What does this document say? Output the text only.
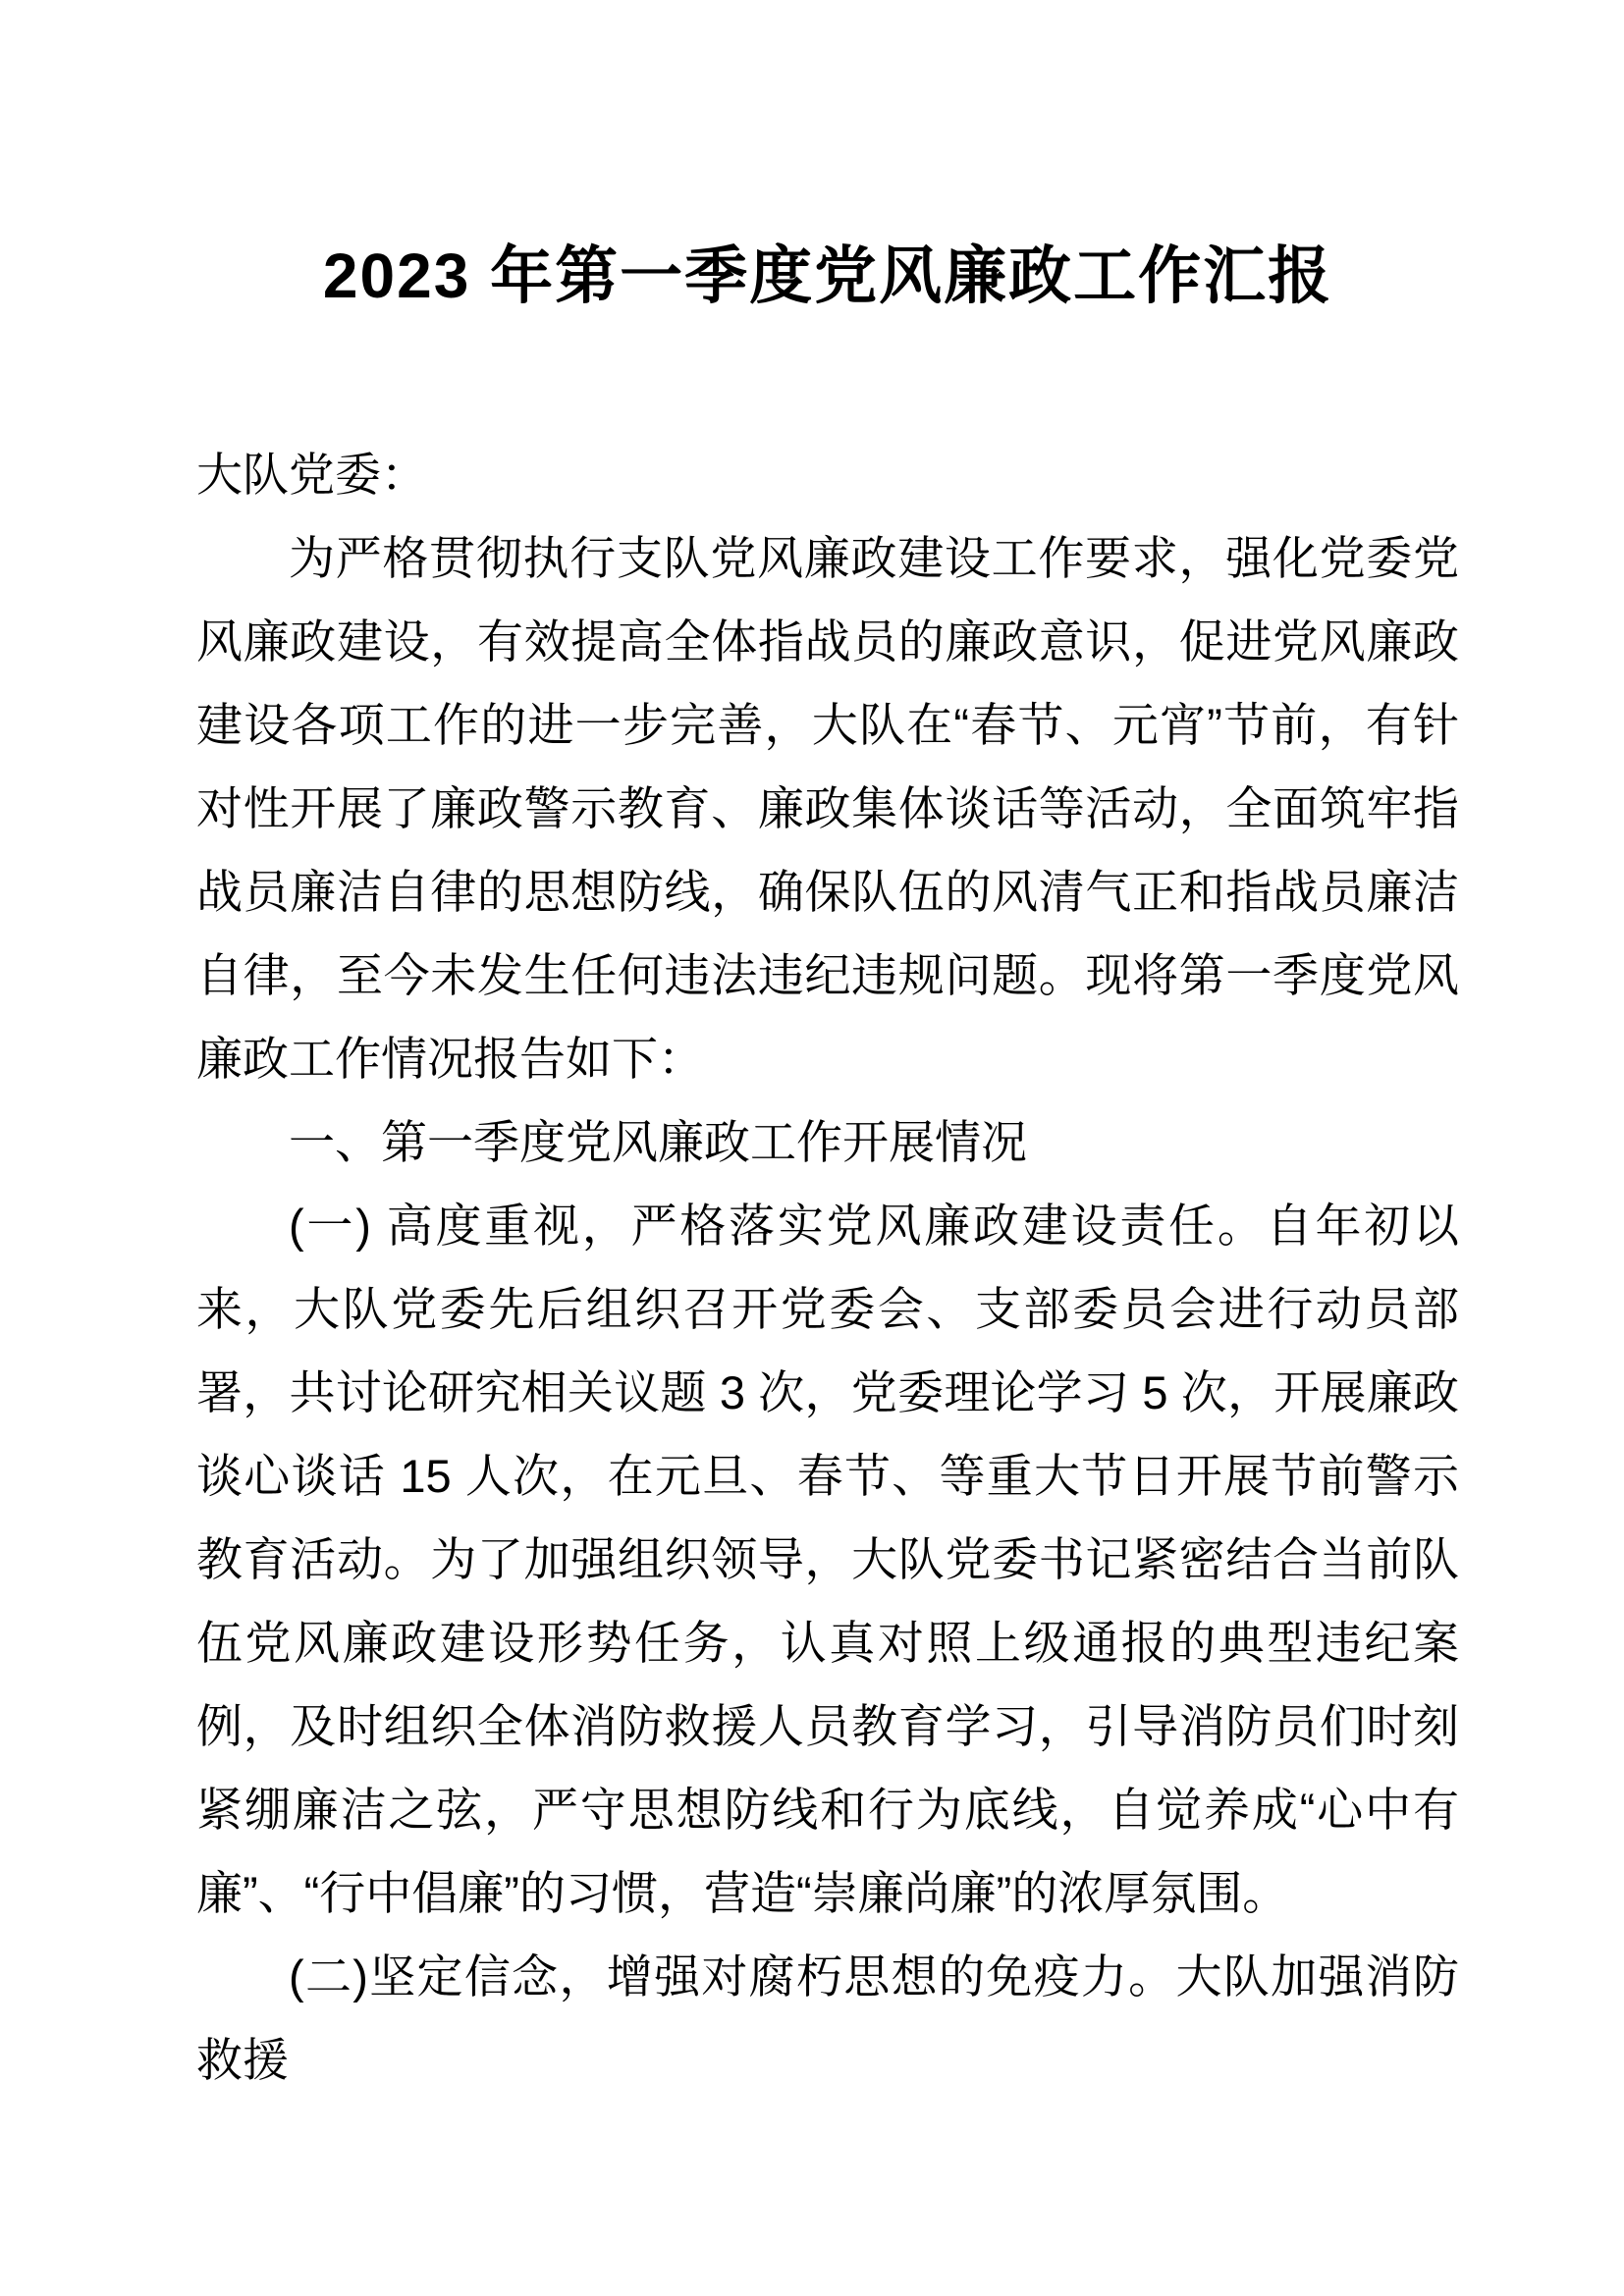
2023 年第一季度党风廉政工作汇报

大队党委：

为严格贯彻执行支队党风廉政建设工作要求，强化党委党风廉政建设，有效提高全体指战员的廉政意识，促进党风廉政建设各项工作的进一步完善，大队在“春节、元宵”节前，有针对性开展了廉政警示教育、廉政集体谈话等活动，全面筑牢指战员廉洁自律的思想防线，确保队伍的风清气正和指战员廉洁自律，至今未发生任何违法违纪违规问题。现将第一季度党风廉政工作情况报告如下：

一、第一季度党风廉政工作开展情况

(一) 高度重视，严格落实党风廉政建设责任。自年初以来，大队党委先后组织召开党委会、支部委员会进行动员部署，共讨论研究相关议题 3 次，党委理论学习 5 次，开展廉政谈心谈话 15 人次，在元旦、春节、等重大节日开展节前警示教育活动。为了加强组织领导，大队党委书记紧密结合当前队伍党风廉政建设形势任务，认真对照上级通报的典型违纪案例，及时组织全体消防救援人员教育学习，引导消防员们时刻紧绷廉洁之弦，严守思想防线和行为底线，自觉养成“心中有廉”、“行中倡廉”的习惯，营造“崇廉尚廉”的浓厚氛围。

(二)坚定信念，增强对腐朽思想的免疫力。大队加强消防救援
